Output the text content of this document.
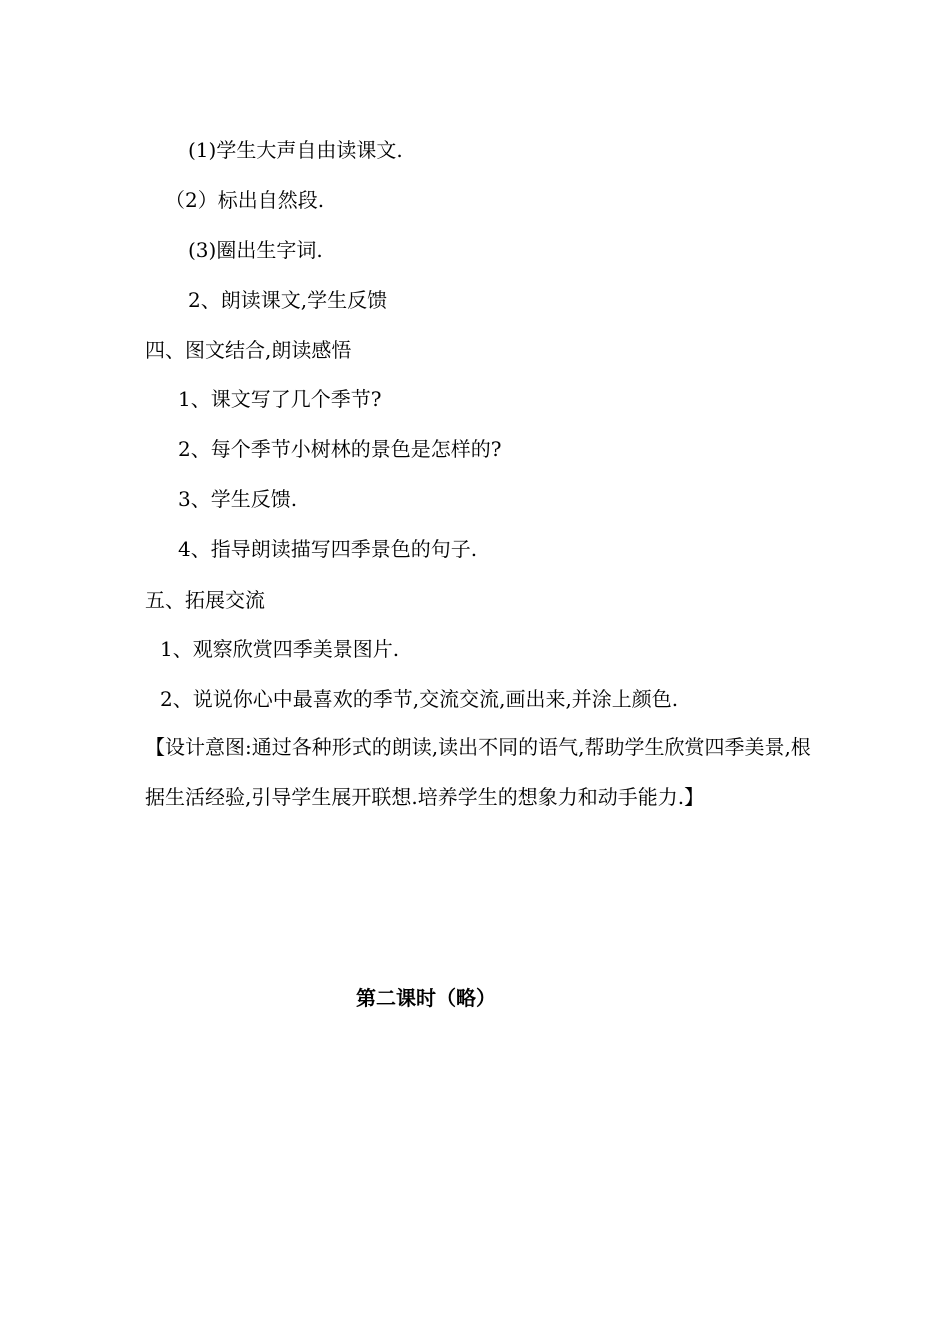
(1)学生大声自由读课文.
（2）标出自然段.
(3)圈出生字词.
2、朗读课文,学生反馈
四、图文结合,朗读感悟
1、课文写了几个季节?
2、每个季节小树林的景色是怎样的?
3、学生反馈.
4、指导朗读描写四季景色的句子.
五、拓展交流
1、观察欣赏四季美景图片.
2、说说你心中最喜欢的季节,交流交流,画出来,并涂上颜色.
【设计意图:通过各种形式的朗读,读出不同的语气,帮助学生欣赏四季美景,根据生活经验,引导学生展开联想.培养学生的想象力和动手能力.】
第二课时（略）
